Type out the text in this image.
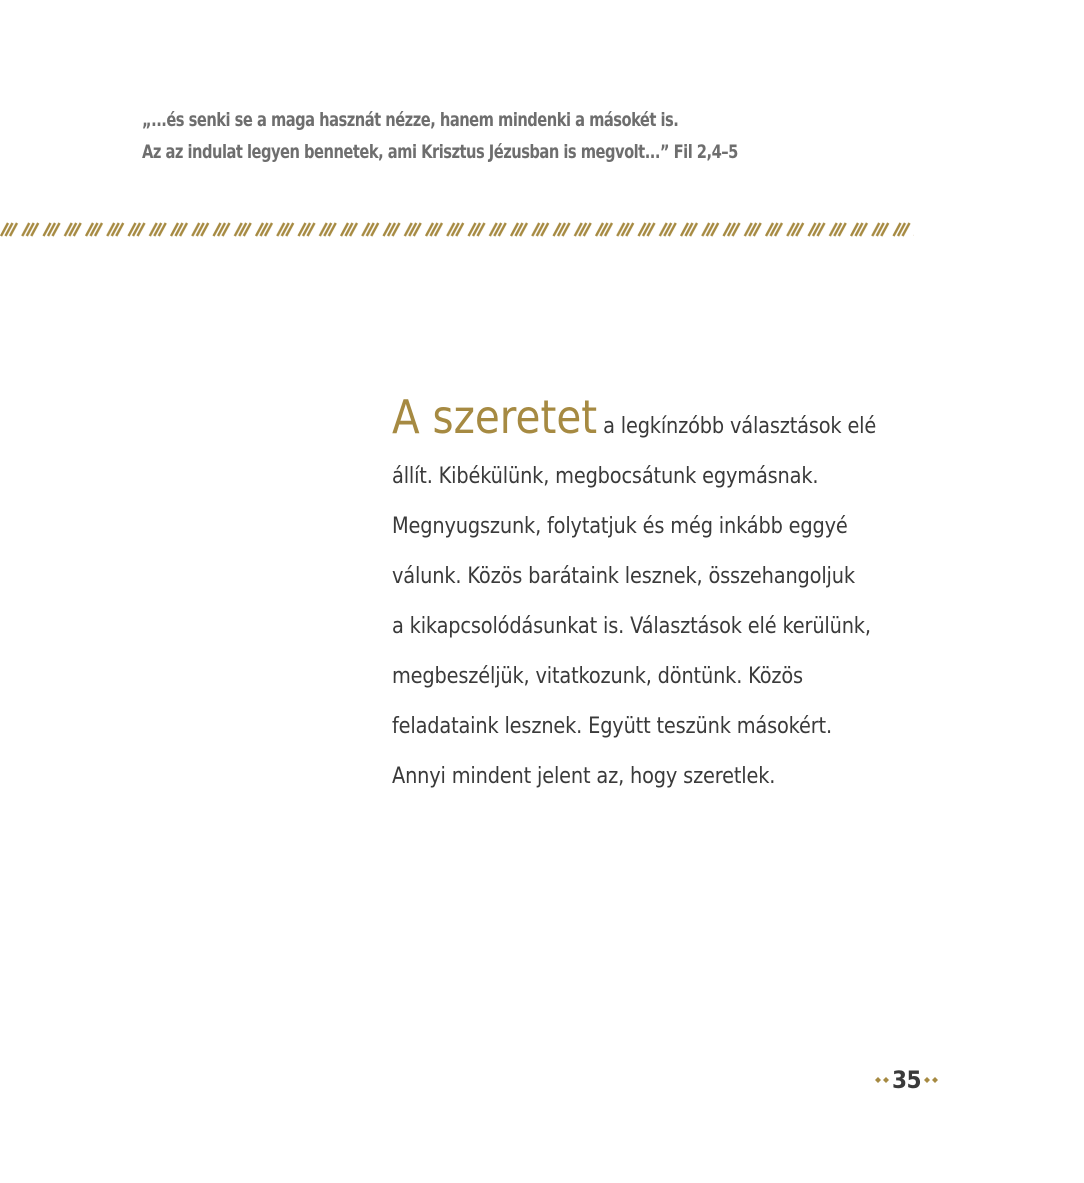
„...és senki se a maga hasznát nézze, hanem mindenki a másokét is.
Az az indulat legyen bennetek, ami Krisztus Jézusban is megvolt...” Fil 2,4–5
A szeretet a legkínzóbb választások elé
állít. Kibékülünk, megbocsátunk egymásnak.
Megnyugszunk, folytatjuk és még inkább eggyé
válunk. Közös barátaink lesznek, összehangoljuk
a kikapcsolódásunkat is. Választások elé kerülünk,
megbeszéljük, vitatkozunk, döntünk. Közös
feladataink lesznek. Együtt teszünk másokért.
Annyi mindent jelent az, hogy szeretlek.
35
